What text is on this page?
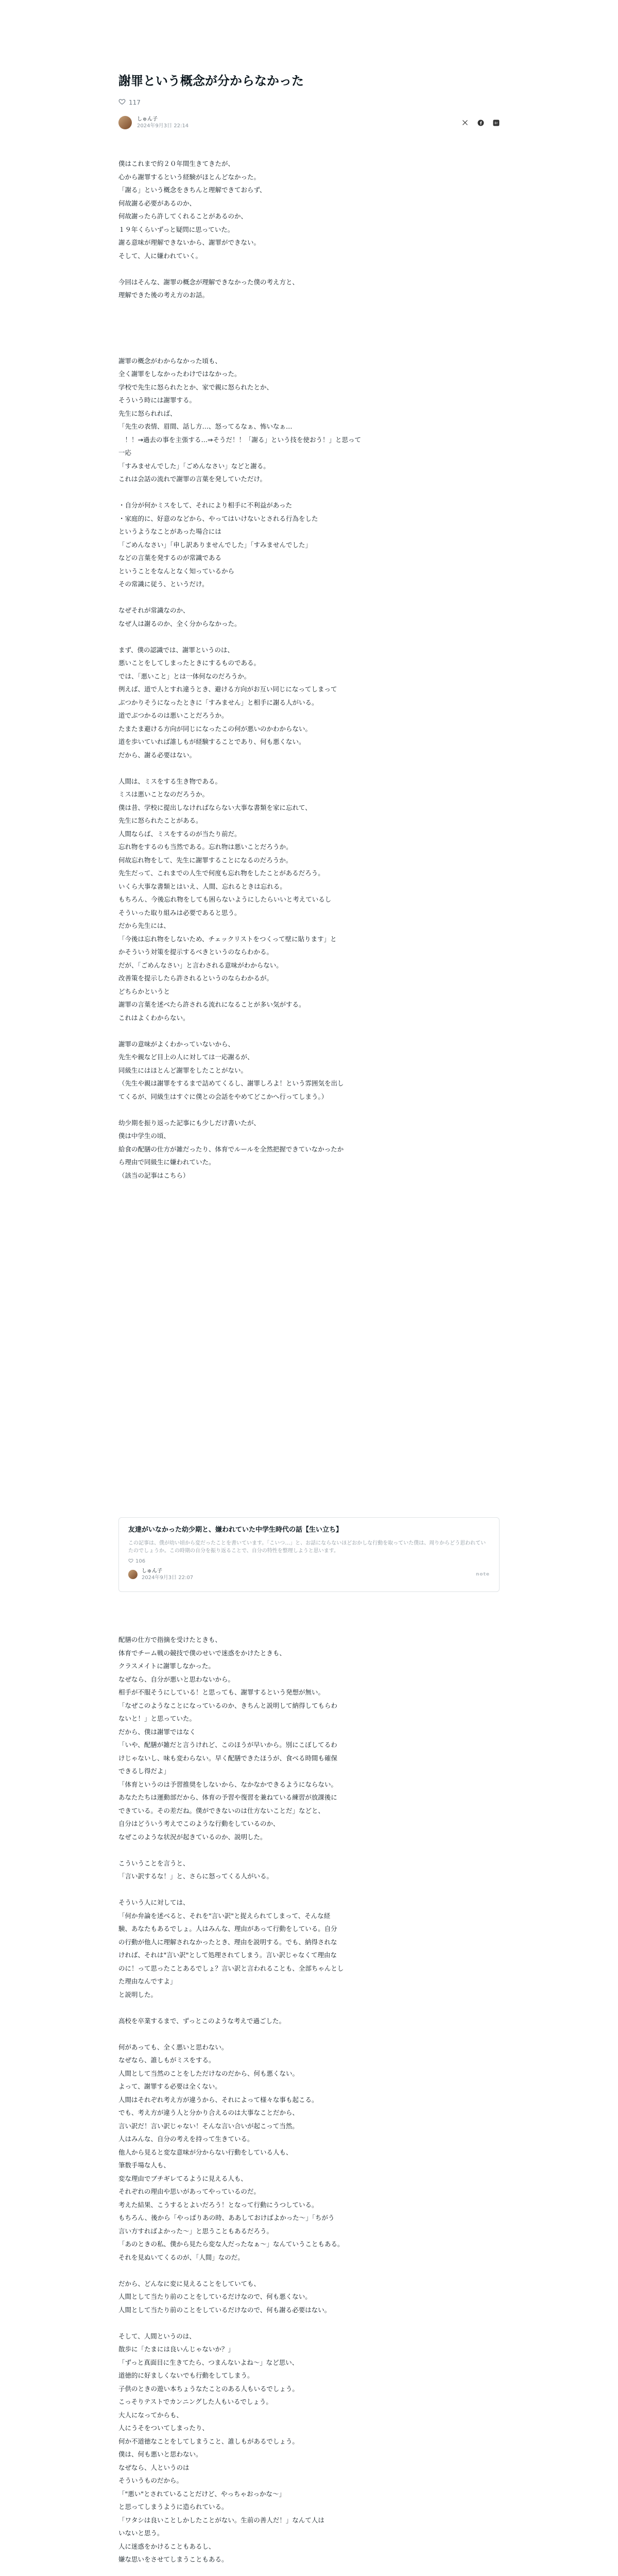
謝罪という概念が分からなかった
117
しゅん子
2024年9月3日 22:14	B!

僕はこれまで約２０年間生きてきたが、
心から謝罪するという経験がほとんどなかった。
「謝る」という概念をきちんと理解できておらず、
何故謝る必要があるのか、
何故謝ったら許してくれることがあるのか、
１９年くらいずっと疑問に思っていた。
謝る意味が理解できないから、謝罪ができない。
そして、人に嫌われていく。

今回はそんな、謝罪の概念が理解できなかった僕の考え方と、
理解できた後の考え方のお話。

謝罪の概念がわからなかった頃も、
全く謝罪をしなかったわけではなかった。
学校で先生に怒られたとか、家で親に怒られたとか、
そういう時には謝罪する。
先生に怒られれば、
「先生の表情、眉間、話し方…、怒ってるなぁ、怖いなぁ…
　！！→過去の事を主張する…⇒そうだ！！「謝る」という技を使おう！」と思って
一応
「すみませんでした」「ごめんなさい」などと謝る。
これは会話の流れで謝罪の言葉を発していただけ。

・自分が何かミスをして、それにより相手に不利益があった
・家庭的に、好意のなどから、やってはいけないとされる行為をした
というようなことがあった場合には
「ごめんなさい」「申し訳ありませんでした」「すみませんでした」
などの言葉を発するのが常識である
ということをなんとなく知っているから
その常識に従う、というだけ。

なぜそれが常識なのか、
なぜ人は謝るのか、全く分からなかった。

まず、僕の認識では、謝罪というのは、
悪いことをしてしまったときにするものである。
では、「悪いこと」とは一体何なのだろうか。
例えば、道で人とすれ違うとき、避ける方向がお互い同じになってしまって
ぶつかりそうになったときに「すみません」と相手に謝る人がいる。
道でぶつかるのは悪いことだろうか。
たまたま避ける方向が同じになったこの何が悪いのかわからない。
道を歩いていれば誰しもが経験することであり、何も悪くない。
だから、謝る必要はない。

人間は、ミスをする生き物である。
ミスは悪いことなのだろうか。
僕は昔、学校に提出しなければならない大事な書類を家に忘れて、
先生に怒られたことがある。
人間ならば、ミスをするのが当たり前だ。
忘れ物をするのも当然である。忘れ物は悪いことだろうか。
何故忘れ物をして、先生に謝罪することになるのだろうか。
先生だって、これまでの人生で何度も忘れ物をしたことがあるだろう。
いくら大事な書類とはいえ、人間、忘れるときは忘れる。
もちろん、今後忘れ物をしても困らないようにしたらいいと考えているし
そういった取り組みは必要であると思う。
だから先生には、
「今後は忘れ物をしないため、チェックリストをつくって壁に貼ります」と
かそういう対策を提示するべきというのならわかる。
だが、「ごめんなさい」と言わされる意味がわからない。
改善策を提示したら許されるというのならわかるが。
どちらかというと
謝罪の言葉を述べたら許される流れになることが多い気がする。
これはよくわからない。

謝罪の意味がよくわかっていないから、
先生や親など目上の人に対しては一応謝るが、
同級生にはほとんど謝罪をしたことがない。
（先生や親は謝罪をするまで詰めてくるし、謝罪しろよ！という雰囲気を出し
てくるが、同級生はすぐに僕との会話をやめてどこかへ行ってしまう。）

幼少期を振り返った記事にも少しだけ書いたが、
僕は中学生の頃、
給食の配膳の仕方が雑だったり、体育でルールを全然把握できていなかったか
ら理由で同級生に嫌われていた。
（該当の記事はこちら）

友達がいなかった幼少期と、嫌われていた中学生時代の話【生い立ち】
この記事は、僕が幼い頃から変だったことを書いています。「こいつ…」と、お話にならないほどおかしな行動を取っていた僕は、周りからどう思われていたのでしょうか。この時期の自分を振り返ることで、自分の特性を整理しようと思います。
106
しゅん子
2024年9月3日 22:07
note

配膳の仕方で指摘を受けたときも、
体育でチーム戦の競技で僕のせいで迷惑をかけたときも、
クラスメイトに謝罪しなかった。
なぜなら、自分が悪いと思わないから。
相手が不服そうにしている！と思っても、謝罪するという発想が無い。
「なぜこのようなことになっているのか、きちんと説明して納得してもらわ
ないと！」と思っていた。
だから、僕は謝罪ではなく
「いや、配膳が雑だと言うけれど、このほうが早いから。別にこぼしてるわ
けじゃないし、味も変わらない。早く配膳できたほうが、食べる時間も確保
できるし得だよ」
「体育というのは予習推奨をしないから、なかなかできるようにならない。
あなたたちは運動部だから、体育の予習や復習を兼ねている練習が放課後に
できている。その差だね。僕ができないのは仕方ないことだ」などと、
自分はどういう考えでこのような行動をしているのか、
なぜこのような状況が起きているのか、説明した。

こういうことを言うと、
「言い訳するな！」と、さらに怒ってくる人がいる。

そういう人に対しては、
「何か弁論を述べると、それを"言い訳"と捉えられてしまって、そんな経
験、あなたもあるでしょ。人はみんな、理由があって行動をしている。自分
の行動が他人に理解されなかったとき、理由を説明する。でも、納得されな
ければ、それは"言い訳"として処理されてしまう。言い訳じゃなくて理由な
のに！って思ったことあるでしょ？言い訳と言われることも、全部ちゃんとし
た理由なんですよ」
と説明した。

高校を卒業するまで、ずっとこのような考えで過ごした。

何があっても、全く悪いと思わない。
なぜなら、誰しもがミスをする。
人間として当然のことをしただけなのだから、何も悪くない。
よって、謝罪する必要は全くない。
人間はそれぞれ考え方が違うから、それによって様々な事も起こる。
でも、考え方が違う人と分かり合えるのは大事なことだから、
言い訳だ！言い訳じゃない！そんな言い合いが起こって当然。
人はみんな、自分の考えを持って生きている。
他人から見ると変な意味が分からない行動をしている人も、
筆数手場な人も、
変な理由でブチギレてるように見える人も、
それぞれの理由や思いがあってやっているのだ。
考えた結果、こうするとよいだろう！となって行動にうつしている。
もちろん、後から「やっぱりあの時、ああしておけばよかった～」「ちがう
言い方すればよかった～」と思うこともあるだろう。
「あのときの私、僕から見たら変な人だったなぁ～」なんていうこともある。
それを見ぬいてくるのが、「人間」なのだ。

だから、どんなに変に見えることをしていても、
人間として当たり前のことをしているだけなので、何も悪くない。
人間として当たり前のことをしているだけなので、何も謝る必要はない。

そして、人間というのは、
散歩に「たまには良いんじゃないか？」
「ずっと真面目に生きてたら、つまんないよね～」など思い、
道徳的に好ましくないでも行動をしてしまう。
子供のときの遊い本ちょうなたことのある人もいるでしょう。
こっそりテストでカンニングした人もいるでしょう。
大人になってからも、
人にうそをついてしまったり、
何か不道徳なことをしてしまうこと、誰しもがあるでしょう。
僕は、何も悪いと思わない。
なぜなら、人というのは
そういうものだから。
「"悪い"とされていることだけど、やっちゃおっかな～」
と思ってしまうように造られている。
「ワタシは良いことしかしたことがない。生前の善人だ！」なんて人は
いないと思う。
人に迷惑をかけることもあるし、
嫌な思いをさせてしまうこともある。
